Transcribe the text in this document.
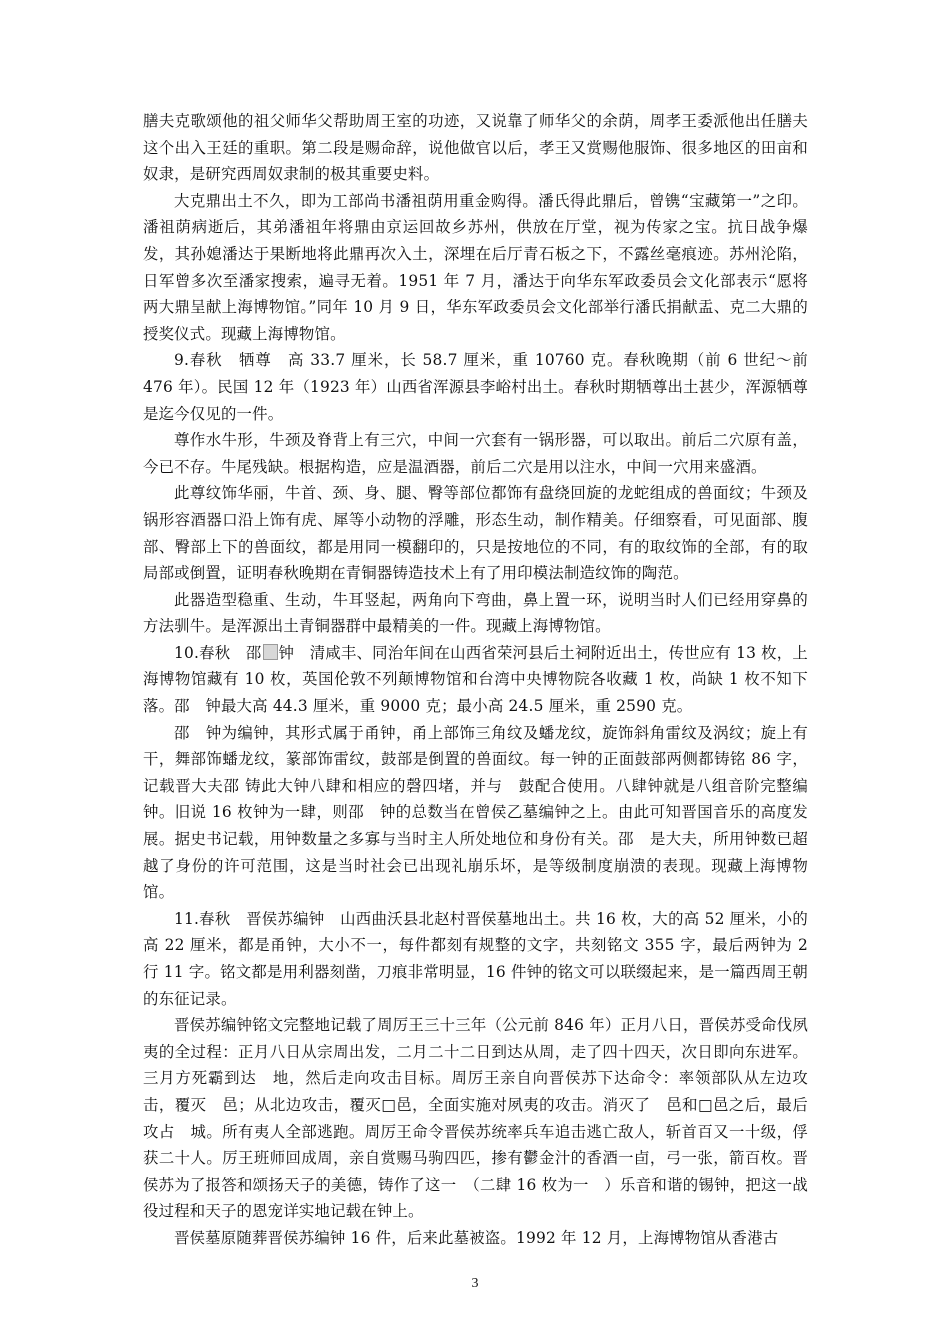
膳夫克歌颂他的祖父师华父帮助周王室的功迹，又说靠了师华父的余荫，周孝王委派他出任膳夫这个出入王廷的重职。第二段是赐命辞，说他做官以后，孝王又赏赐他服饰、很多地区的田亩和奴隶，是研究西周奴隶制的极其重要史料。

大克鼎出土不久，即为工部尚书潘祖荫用重金购得。潘氏得此鼎后，曾镌“宝藏第一”之印。潘祖荫病逝后，其弟潘祖年将鼎由京运回故乡苏州，供放在厅堂，视为传家之宝。抗日战争爆发，其孙媳潘达于果断地将此鼎再次入土，深埋在后厅青石板之下，不露丝毫痕迹。苏州沦陷，日军曾多次至潘家搜索，遍寻无着。1951 年 7 月，潘达于向华东军政委员会文化部表示“愿将两大鼎呈献上海博物馆。”同年 10 月 9 日，华东军政委员会文化部举行潘氏捐献盂、克二大鼎的授奖仪式。现藏上海博物馆。

9.春秋　牺尊　高 33.7 厘米，长 58.7 厘米，重 10760 克。春秋晚期（前 6 世纪～前 476 年）。民国 12 年（1923 年）山西省浑源县李峪村出土。春秋时期牺尊出土甚少，浑源牺尊是迄今仅见的一件。

尊作水牛形，牛颈及脊背上有三穴，中间一穴套有一锅形器，可以取出。前后二穴原有盖，今已不存。牛尾残缺。根据构造，应是温酒器，前后二穴是用以注水，中间一穴用来盛酒。

此尊纹饰华丽，牛首、颈、身、腿、臀等部位都饰有盘绕回旋的龙蛇组成的兽面纹；牛颈及锅形容酒器口沿上饰有虎、犀等小动物的浮雕，形态生动，制作精美。仔细察看，可见面部、腹部、臀部上下的兽面纹，都是用同一模翻印的，只是按地位的不同，有的取纹饰的全部，有的取局部或倒置，证明春秋晚期在青铜器铸造技术上有了用印模法制造纹饰的陶范。

此器造型稳重、生动，牛耳竖起，两角向下弯曲，鼻上置一环，说明当时人们已经用穿鼻的方法驯牛。是浑源出土青铜器群中最精美的一件。现藏上海博物馆。

10.春秋　邵 钟　清咸丰、同治年间在山西省荣河县后土祠附近出土，传世应有 13 枚，上海博物馆藏有 10 枚，英国伦敦不列颠博物馆和台湾中央博物院各收藏 1 枚，尚缺 1 枚不知下落。邵　钟最大高 44.3 厘米，重 9000 克；最小高 24.5 厘米，重 2590 克。

邵　钟为编钟，其形式属于甬钟，甬上部饰三角纹及蟠龙纹，旋饰斜角雷纹及涡纹；旋上有干，舞部饰蟠龙纹，篆部饰雷纹，鼓部是倒置的兽面纹。每一钟的正面鼓部两侧都铸铭 86 字，记载晋大夫邵 铸此大钟八肆和相应的磬四堵，并与　鼓配合使用。八肆钟就是八组音阶完整编钟。旧说 16 枚钟为一肆，则邵　钟的总数当在曾侯乙墓编钟之上。由此可知晋国音乐的高度发展。据史书记载，用钟数量之多寡与当时主人所处地位和身份有关。邵　是大夫，所用钟数已超越了身份的许可范围，这是当时社会已出现礼崩乐坏，是等级制度崩溃的表现。现藏上海博物馆。

11.春秋　晋侯苏编钟　山西曲沃县北赵村晋侯墓地出土。共 16 枚，大的高 52 厘米，小的高 22 厘米，都是甬钟，大小不一，每件都刻有规整的文字，共刻铭文 355 字，最后两钟为 2 行 11 字。铭文都是用利器刻凿，刀痕非常明显，16 件钟的铭文可以联缀起来，是一篇西周王朝的东征记录。

晋侯苏编钟铭文完整地记载了周厉王三十三年（公元前 846 年）正月八日，晋侯苏受命伐夙夷的全过程：正月八日从宗周出发，二月二十二日到达从周，走了四十四天，次日即向东进军。三月方死霸到达　地，然后走向攻击目标。周厉王亲自向晋侯苏下达命令：率领部队从左边攻击，覆灭　邑；从北边攻击，覆灭□邑，全面实施对夙夷的攻击。消灭了　邑和□邑之后，最后攻占　城。所有夷人全部逃跑。周厉王命令晋侯苏统率兵车追击逃亡敌人，斩首百又一十级，俘获二十人。厉王班师回成周，亲自赏赐马驹四匹，掺有鬱金汁的香酒一卣，弓一张，箭百枚。晋侯苏为了报答和颂扬天子的美德，铸作了这一　（二肆 16 枚为一　）乐音和谐的锡钟，把这一战役过程和天子的恩宠详实地记载在钟上。

晋侯墓原随葬晋侯苏编钟 16 件，后来此墓被盗。1992 年 12 月，上海博物馆从香港古

3
